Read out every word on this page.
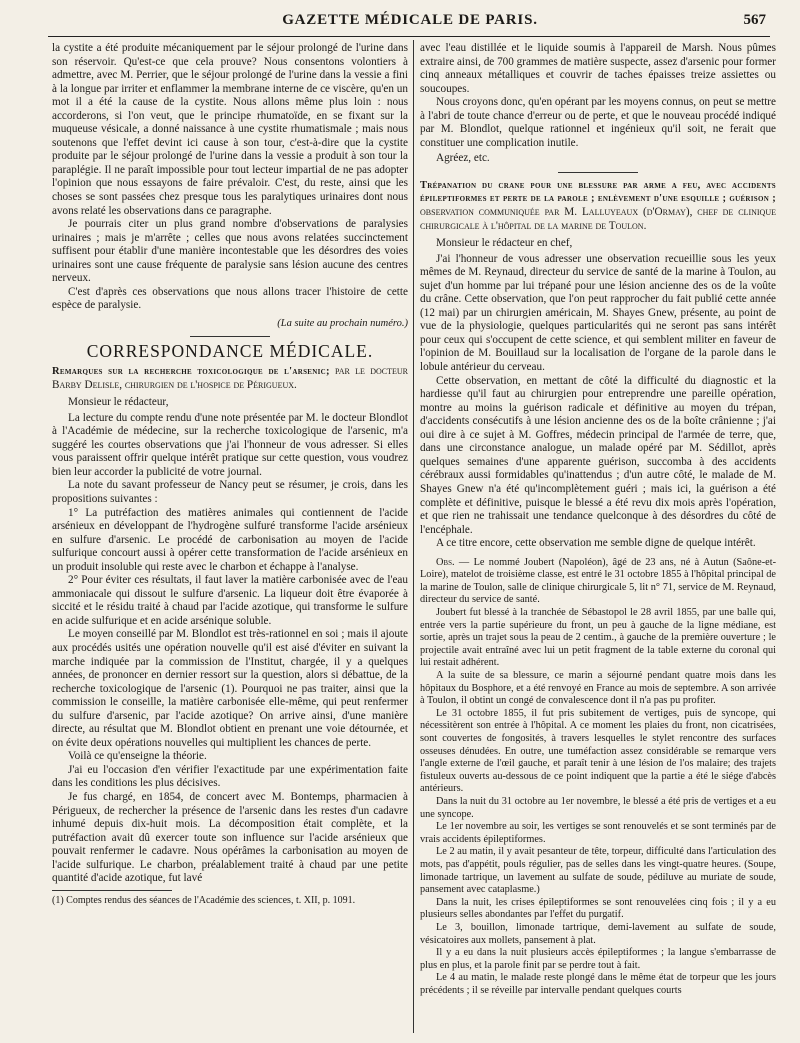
GAZETTE MÉDICALE DE PARIS.	567

la cystite a été produite mécaniquement par le séjour prolongé de l'urine dans son réservoir. Qu'est-ce que cela prouve? Nous consentons volontiers à admettre, avec M. Perrier, que le séjour prolongé de l'urine dans la vessie a fini à la longue par irriter et enflammer la membrane interne de ce viscère, qu'en un mot il a été la cause de la cystite. Nous allons même plus loin : nous accorderons, si l'on veut, que le principe rhumatoïde, en se fixant sur la muqueuse vésicale, a donné naissance à une cystite rhumatismale ; mais nous soutenons que l'effet devint ici cause à son tour, c'est-à-dire que la cystite produite par le séjour prolongé de l'urine dans la vessie a produit à son tour la paraplégie. Il ne paraît impossible pour tout lecteur impartial de ne pas adopter l'opinion que nous essayons de faire prévaloir. C'est, du reste, ainsi que les choses se sont passées chez presque tous les paralytiques urinaires dont nous avons relaté les observations dans ce paragraphe.

Je pourrais citer un plus grand nombre d'observations de paralysies urinaires ; mais je m'arrête ; celles que nous avons relatées succinctement suffisent pour établir d'une manière incontestable que les désordres des voies urinaires sont une cause fréquente de paralysie sans lésion aucune des centres nerveux.

C'est d'après ces observations que nous allons tracer l'histoire de cette espèce de paralysie.

(La suite au prochain numéro.)

CORRESPONDANCE MÉDICALE.

Remarques sur la recherche toxicologique de l'arsenic; par le docteur Barby Delisle, chirurgien de l'hospice de Périgueux.

Monsieur le rédacteur,

La lecture du compte rendu d'une note présentée par M. le docteur Blondlot à l'Académie de médecine, sur la recherche toxicologique de l'arsenic, m'a suggéré les courtes observations que j'ai l'honneur de vous adresser. Si elles vous paraissent offrir quelque intérêt pratique sur cette question, vous voudrez bien leur accorder la publicité de votre journal.

La note du savant professeur de Nancy peut se résumer, je crois, dans les propositions suivantes :

1° La putréfaction des matières animales qui contiennent de l'acide arsénieux en développant de l'hydrogène sulfuré transforme l'acide arsénieux en sulfure d'arsenic. Le procédé de carbonisation au moyen de l'acide sulfurique concourt aussi à opérer cette transformation de l'acide arsénieux en un produit insoluble qui reste avec le charbon et échappe à l'analyse.

2° Pour éviter ces résultats, il faut laver la matière carbonisée avec de l'eau ammoniacale qui dissout le sulfure d'arsenic. La liqueur doit être évaporée à siccité et le résidu traité à chaud par l'acide azotique, qui transforme le sulfure en acide sulfurique et en acide arsénique soluble.

Le moyen conseillé par M. Blondlot est très-rationnel en soi ; mais il ajoute aux procédés usités une opération nouvelle qu'il est aisé d'éviter en suivant la marche indiquée par la commission de l'Institut, chargée, il y a quelques années, de prononcer en dernier ressort sur la question, alors si débattue, de la recherche toxicologique de l'arsenic (1). Pourquoi ne pas traiter, ainsi que la commission le conseille, la matière carbonisée elle-même, qui peut renfermer du sulfure d'arsenic, par l'acide azotique? On arrive ainsi, d'une manière directe, au résultat que M. Blondlot obtient en prenant une voie détournée, et on évite deux opérations nouvelles qui multiplient les chances de perte.

Voilà ce qu'enseigne la théorie.

J'ai eu l'occasion d'en vérifier l'exactitude par une expérimentation faite dans les conditions les plus décisives.

Je fus chargé, en 1854, de concert avec M. Bontemps, pharmacien à Périgueux, de rechercher la présence de l'arsenic dans les restes d'un cadavre inhumé depuis dix-huit mois. La décomposition était complète, et la putréfaction avait dû exercer toute son influence sur l'acide arsénieux que pouvait renfermer le cadavre. Nous opérâmes la carbonisation au moyen de l'acide sulfurique. Le charbon, préalablement traité à chaud par une petite quantité d'acide azotique, fut lavé

(1) Comptes rendus des séances de l'Académie des sciences, t. XII, p. 1091.

avec l'eau distillée et le liquide soumis à l'appareil de Marsh. Nous pûmes extraire ainsi, de 700 grammes de matière suspecte, assez d'arsenic pour former cinq anneaux métalliques et couvrir de taches épaisses treize assiettes ou soucoupes.

Nous croyons donc, qu'en opérant par les moyens connus, on peut se mettre à l'abri de toute chance d'erreur ou de perte, et que le nouveau procédé indiqué par M. Blondlot, quelque rationnel et ingénieux qu'il soit, ne ferait que constituer une complication inutile.

Agréez, etc.

Trépanation du crane pour une blessure par arme a feu, avec accidents épileptiformes et perte de la parole ; enlèvement d'une esquille ; guérison ; observation communiquée par M. Lalluyeaux (d'Ormay), chef de clinique chirurgicale à l'hôpital de la marine de Toulon.

Monsieur le rédacteur en chef,

J'ai l'honneur de vous adresser une observation recueillie sous les yeux mêmes de M. Reynaud, directeur du service de santé de la marine à Toulon, au sujet d'un homme par lui trépané pour une lésion ancienne des os de la voûte du crâne. Cette observation, que l'on peut rapprocher du fait publié cette année (12 mai) par un chirurgien américain, M. Shayes Gnew, présente, au point de vue de la physiologie, quelques particularités qui ne seront pas sans intérêt pour ceux qui s'occupent de cette science, et qui semblent militer en faveur de l'opinion de M. Bouillaud sur la localisation de l'organe de la parole dans le lobule antérieur du cerveau.

Cette observation, en mettant de côté la difficulté du diagnostic et la hardiesse qu'il faut au chirurgien pour entreprendre une pareille opération, montre au moins la guérison radicale et définitive au moyen du trépan, d'accidents consécutifs à une lésion ancienne des os de la boîte crânienne ; j'ai oui dire à ce sujet à M. Goffres, médecin principal de l'armée de terre, que, dans une circonstance analogue, un malade opéré par M. Sédillot, après quelques semaines d'une apparente guérison, succomba à des accidents cérébraux aussi formidables qu'inattendus ; d'un autre côté, le malade de M. Shayes Gnew n'a été qu'incomplètement guéri ; mais ici, la guérison a été complète et définitive, puisque le blessé a été revu dix mois après l'opération, et que rien ne trahissait une tendance quelconque à des désordres du côté de l'encéphale.

A ce titre encore, cette observation me semble digne de quelque intérêt.

Obs. — Le nommé Joubert (Napoléon), âgé de 23 ans, né à Autun (Saône-et-Loire), matelot de troisième classe, est entré le 31 octobre 1855 à l'hôpital principal de la marine de Toulon, salle de clinique chirurgicale 5, lit n° 71, service de M. Reynaud, directeur du service de santé.

Joubert fut blessé à la tranchée de Sébastopol le 28 avril 1855, par une balle qui, entrée vers la partie supérieure du front, un peu à gauche de la ligne médiane, est sortie, après un trajet sous la peau de 2 centim., à gauche de la première ouverture ; le projectile avait entraîné avec lui un petit fragment de la table externe du coronal qui lui restait adhérent.

A la suite de sa blessure, ce marin a séjourné pendant quatre mois dans les hôpitaux du Bosphore, et a été renvoyé en France au mois de septembre. A son arrivée à Toulon, il obtint un congé de convalescence dont il n'a pas pu profiter.

Le 31 octobre 1855, il fut pris subitement de vertiges, puis de syncope, qui nécessitèrent son entrée à l'hôpital. A ce moment les plaies du front, non cicatrisées, sont couvertes de fongosités, à travers lesquelles le stylet rencontre des surfaces osseuses dénudées. En outre, une tuméfaction assez considérable se remarque vers l'angle externe de l'œil gauche, et paraît tenir à une lésion de l'os malaire; des trajets fistuleux ouverts au-dessous de ce point indiquent que la partie a été le siége d'abcès antérieurs.

Dans la nuit du 31 octobre au 1er novembre, le blessé a été pris de vertiges et a eu une syncope.

Le 1er novembre au soir, les vertiges se sont renouvelés et se sont terminés par de vrais accidents épileptiformes.

Le 2 au matin, il y avait pesanteur de tête, torpeur, difficulté dans l'articulation des mots, pas d'appétit, pouls régulier, pas de selles dans les vingt-quatre heures. (Soupe, limonade tartrique, un lavement au sulfate de soude, pédiluve au muriate de soude, pansement avec cataplasme.)

Dans la nuit, les crises épileptiformes se sont renouvelées cinq fois ; il y a eu plusieurs selles abondantes par l'effet du purgatif.

Le 3, bouillon, limonade tartrique, demi-lavement au sulfate de soude, vésicatoires aux mollets, pansement à plat.

Il y a eu dans la nuit plusieurs accès épileptiformes ; la langue s'embarrasse de plus en plus, et la parole finit par se perdre tout à fait.

Le 4 au matin, le malade reste plongé dans le même état de torpeur que les jours précédents ; il se réveille par intervalle pendant quelques courts
